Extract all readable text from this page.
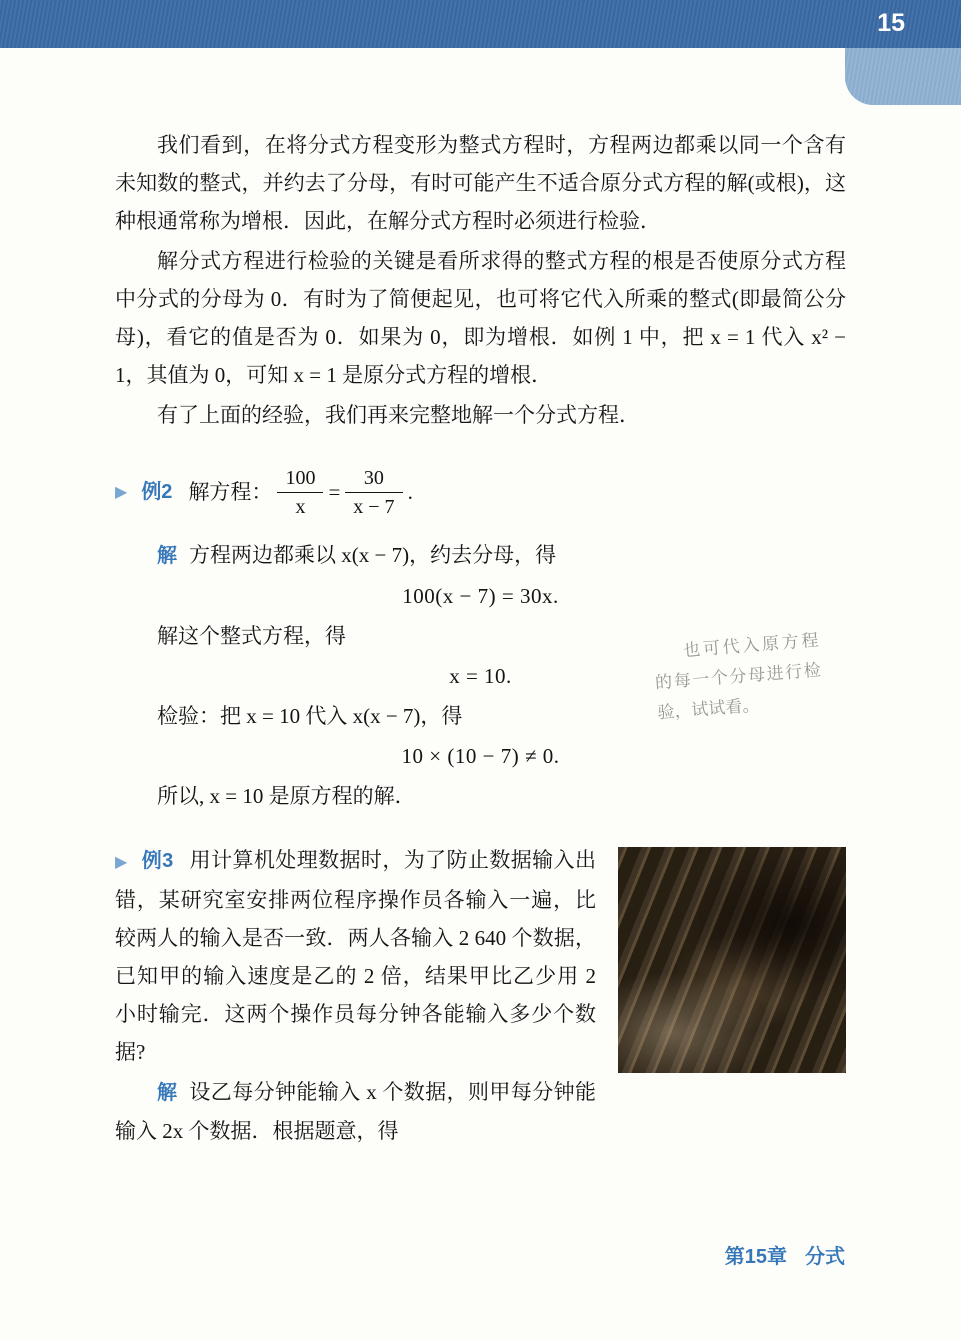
15

我们看到，在将分式方程变形为整式方程时，方程两边都乘以同一个含有未知数的整式，并约去了分母，有时可能产生不适合原分式方程的解(或根)，这种根通常称为增根．因此，在解分式方程时必须进行检验．

解分式方程进行检验的关键是看所求得的整式方程的根是否使原分式方程中分式的分母为 0．有时为了简便起见，也可将它代入所乘的整式(即最简公分母)，看它的值是否为 0．如果为 0，即为增根．如例 1 中，把 x = 1 代入 x² − 1，其值为 0，可知 x = 1 是原分式方程的增根．

有了上面的经验，我们再来完整地解一个分式方程．

▶ 例2 解方程： $\frac{100}{x} = \frac{30}{x - 7}$ .

解 方程两边都乘以 x(x − 7)，约去分母，得

100(x − 7) = 30x.

解这个整式方程，得

x = 10.

检验：把 x = 10 代入 x(x − 7)，得

10 × (10 − 7) ≠ 0.

所以, x = 10 是原方程的解．

也可代入原方程的每一个分母进行检验，试试看。

▶ 例3 用计算机处理数据时，为了防止数据输入出错，某研究室安排两位程序操作员各输入一遍，比较两人的输入是否一致．两人各输入 2 640 个数据，已知甲的输入速度是乙的 2 倍，结果甲比乙少用 2 小时输完．这两个操作员每分钟各能输入多少个数据?

解 设乙每分钟能输入 x 个数据，则甲每分钟能输入 2x 个数据．根据题意，得

第15章 分式
